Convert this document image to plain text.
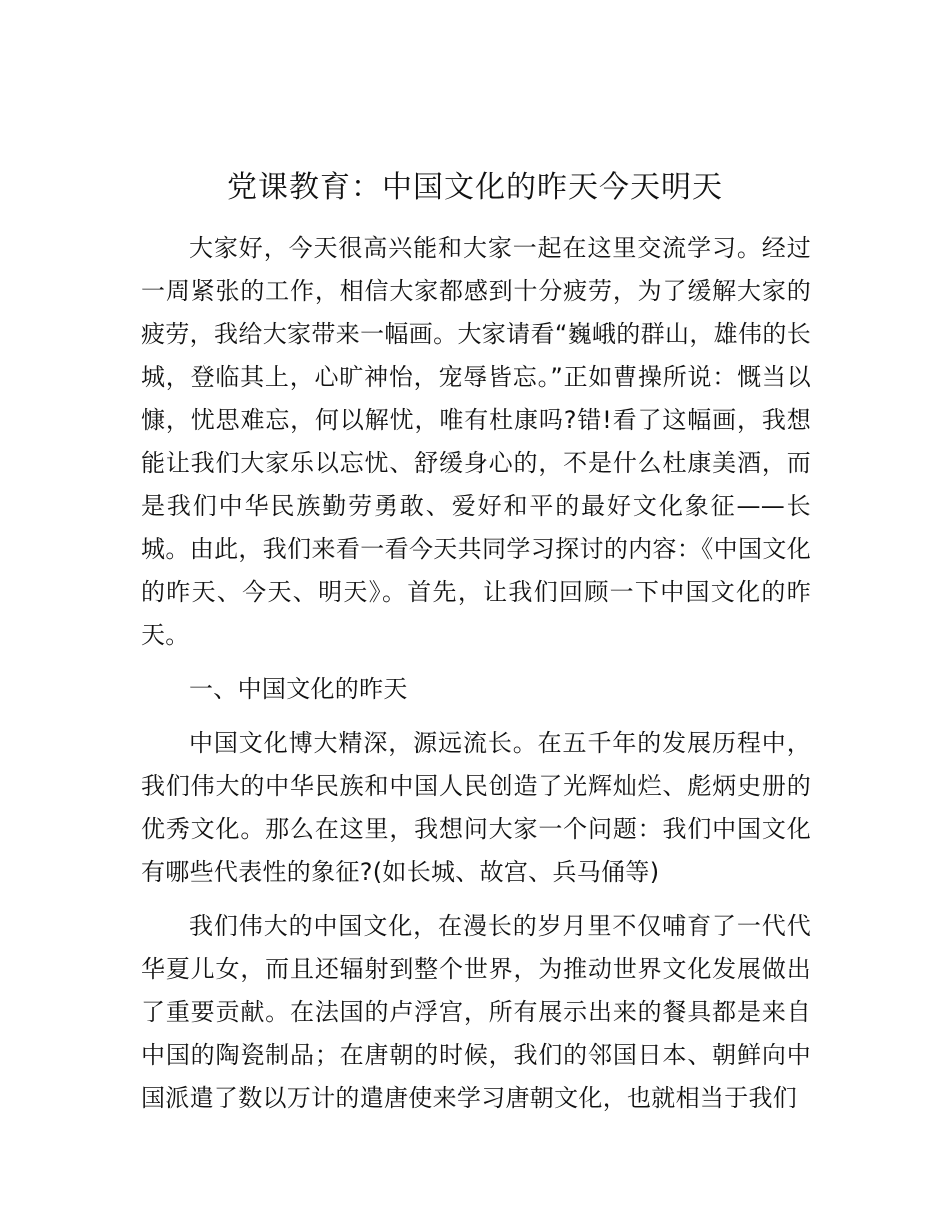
党课教育：中国文化的昨天今天明天

大家好，今天很高兴能和大家一起在这里交流学习。经过一周紧张的工作，相信大家都感到十分疲劳，为了缓解大家的疲劳，我给大家带来一幅画。大家请看“巍峨的群山，雄伟的长城，登临其上，心旷神怡，宠辱皆忘。”正如曹操所说：慨当以慷，忧思难忘，何以解忧，唯有杜康吗?错!看了这幅画，我想能让我们大家乐以忘忧、舒缓身心的，不是什么杜康美酒，而是我们中华民族勤劳勇敢、爱好和平的最好文化象征——长城。由此，我们来看一看今天共同学习探讨的内容：《中国文化的昨天、今天、明天》。首先，让我们回顾一下中国文化的昨天。

一、中国文化的昨天

中国文化博大精深，源远流长。在五千年的发展历程中，我们伟大的中华民族和中国人民创造了光辉灿烂、彪炳史册的优秀文化。那么在这里，我想问大家一个问题：我们中国文化有哪些代表性的象征?(如长城、故宫、兵马俑等)

我们伟大的中国文化，在漫长的岁月里不仅哺育了一代代华夏儿女，而且还辐射到整个世界，为推动世界文化发展做出了重要贡献。在法国的卢浮宫，所有展示出来的餐具都是来自中国的陶瓷制品；在唐朝的时候，我们的邻国日本、朝鲜向中国派遣了数以万计的遣唐使来学习唐朝文化，也就相当于我们
